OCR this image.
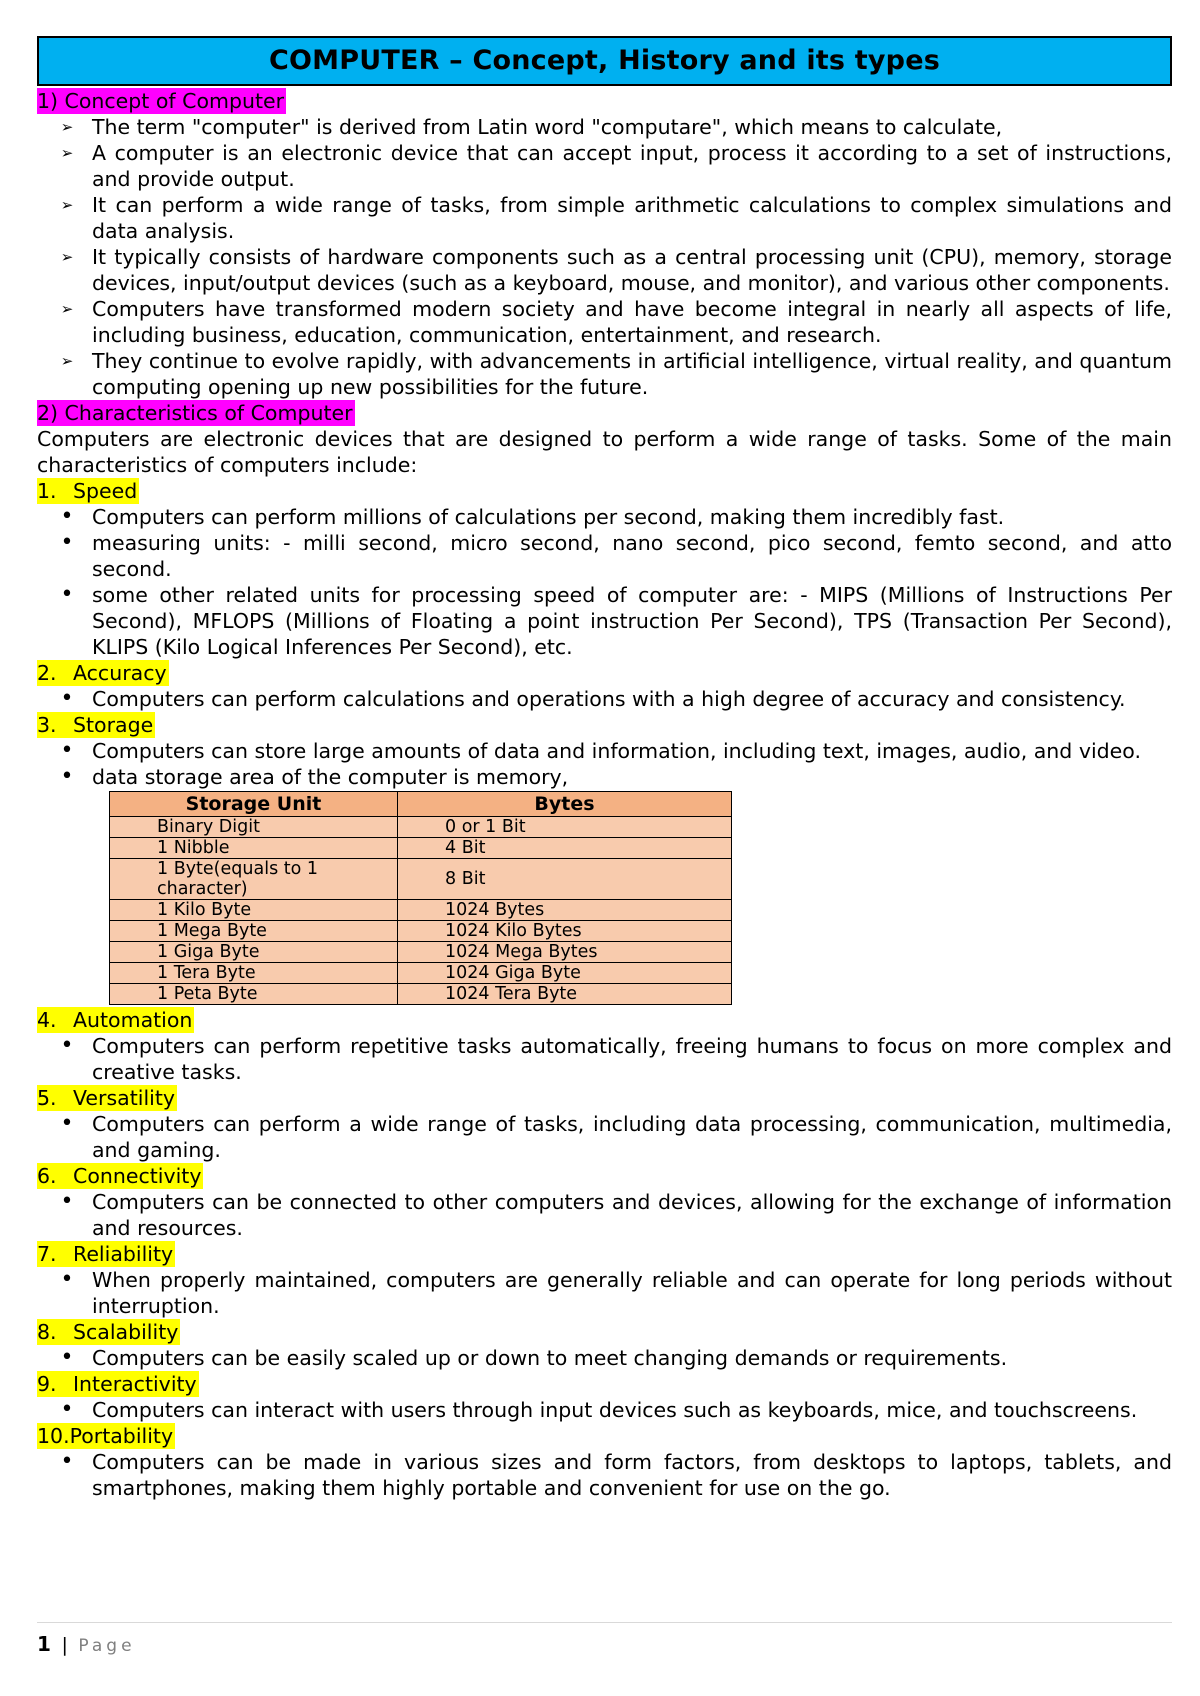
COMPUTER – Concept, History and its types
1) Concept of Computer
➢ The term "computer" is derived from Latin word "computare", which means to calculate,
➢ A computer is an electronic device that can accept input, process it according to a set of instructions, and provide output.
➢ It can perform a wide range of tasks, from simple arithmetic calculations to complex simulations and data analysis.
➢ It typically consists of hardware components such as a central processing unit (CPU), memory, storage devices, input/output devices (such as a keyboard, mouse, and monitor), and various other components.
➢ Computers have transformed modern society and have become integral in nearly all aspects of life, including business, education, communication, entertainment, and research.
➢ They continue to evolve rapidly, with advancements in artificial intelligence, virtual reality, and quantum computing opening up new possibilities for the future.
2) Characteristics of Computer
Computers are electronic devices that are designed to perform a wide range of tasks. Some of the main characteristics of computers include:
1. Speed
• Computers can perform millions of calculations per second, making them incredibly fast.
• measuring units: - milli second, micro second, nano second, pico second, femto second, and atto second.
• some other related units for processing speed of computer are: - MIPS (Millions of Instructions Per Second), MFLOPS (Millions of Floating a point instruction Per Second), TPS (Transaction Per Second), KLIPS (Kilo Logical Inferences Per Second), etc.
2. Accuracy
• Computers can perform calculations and operations with a high degree of accuracy and consistency.
3. Storage
• Computers can store large amounts of data and information, including text, images, audio, and video.
• data storage area of the computer is memory,
Storage Unit	Bytes
Binary Digit	0 or 1 Bit
1 Nibble	4 Bit
1 Byte(equals to 1 character)	8 Bit
1 Kilo Byte	1024 Bytes
1 Mega Byte	1024 Kilo Bytes
1 Giga Byte	1024 Mega Bytes
1 Tera Byte	1024 Giga Byte
1 Peta Byte	1024 Tera Byte
4. Automation
• Computers can perform repetitive tasks automatically, freeing humans to focus on more complex and creative tasks.
5. Versatility
• Computers can perform a wide range of tasks, including data processing, communication, multimedia, and gaming.
6. Connectivity
• Computers can be connected to other computers and devices, allowing for the exchange of information and resources.
7. Reliability
• When properly maintained, computers are generally reliable and can operate for long periods without interruption.
8. Scalability
• Computers can be easily scaled up or down to meet changing demands or requirements.
9. Interactivity
• Computers can interact with users through input devices such as keyboards, mice, and touchscreens.
10.Portability
• Computers can be made in various sizes and form factors, from desktops to laptops, tablets, and smartphones, making them highly portable and convenient for use on the go.
1 | Page
